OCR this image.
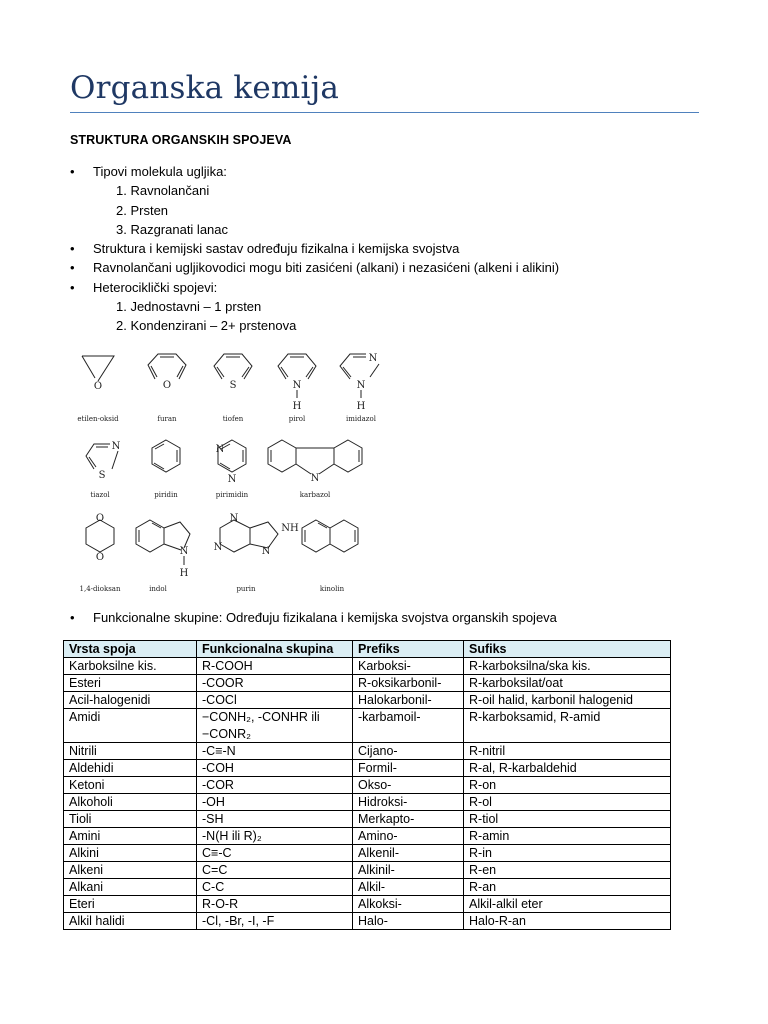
Organska kemija
STRUKTURA ORGANSKIH SPOJEVA
• Tipovi molekula ugljika:
1. Ravnolančani
2. Prsten
3. Razgranati lanac
• Struktura i kemijski sastav određuju fizikalna i kemijska svojstva
• Ravnolančani ugljikovodici mogu biti zasićeni (alkani) i nezasićeni (alkeni i alikini)
• Heterociklički spojevi:
1. Jednostavni – 1 prsten
2. Kondenzirani – 2+ prstenova
O
etilen-oksid
O
furan
S
tiofen
N
H
pirol
N
N
H
imidazol
N
S
tiazol	piridin
N
N
pirimidin
N
karbazol
O
O
1,4-dioksan
N
H
indol
N
N	N
NH
purin	kinolin
• Funkcionalne skupine: Određuju fizikalana i kemijska svojstva organskih spojeva
Vrsta spoja	Funkcionalna skupina	Prefiks	Sufiks
Karboksilne kis.	R-COOH	Karboksi-	R-karboksilna/ska kis.
Esteri	-COOR	R-oksikarbonil-	R-karboksilat/oat
Acil-halogenidi	-COCl	Halokarbonil-	R-oil halid, karbonil halogenid
Amidi	−CONH₂, -CONHR ili −CONR₂	-karbamoil-	R-karboksamid, R-amid
Nitrili	-C≡-N	Cijano-	R-nitril
Aldehidi	-COH	Formil-	R-al, R-karbaldehid
Ketoni	-COR	Okso-	R-on
Alkoholi	-OH	Hidroksi-	R-ol
Tioli	-SH	Merkapto-	R-tiol
Amini	-N(H ili R)₂	Amino-	R-amin
Alkini	C≡-C	Alkenil-	R-in
Alkeni	C=C	Alkinil-	R-en
Alkani	C-C	Alkil-	R-an
Eteri	R-O-R	Alkoksi-	Alkil-alkil eter
Alkil halidi	-Cl, -Br, -I, -F	Halo-	Halo-R-an
